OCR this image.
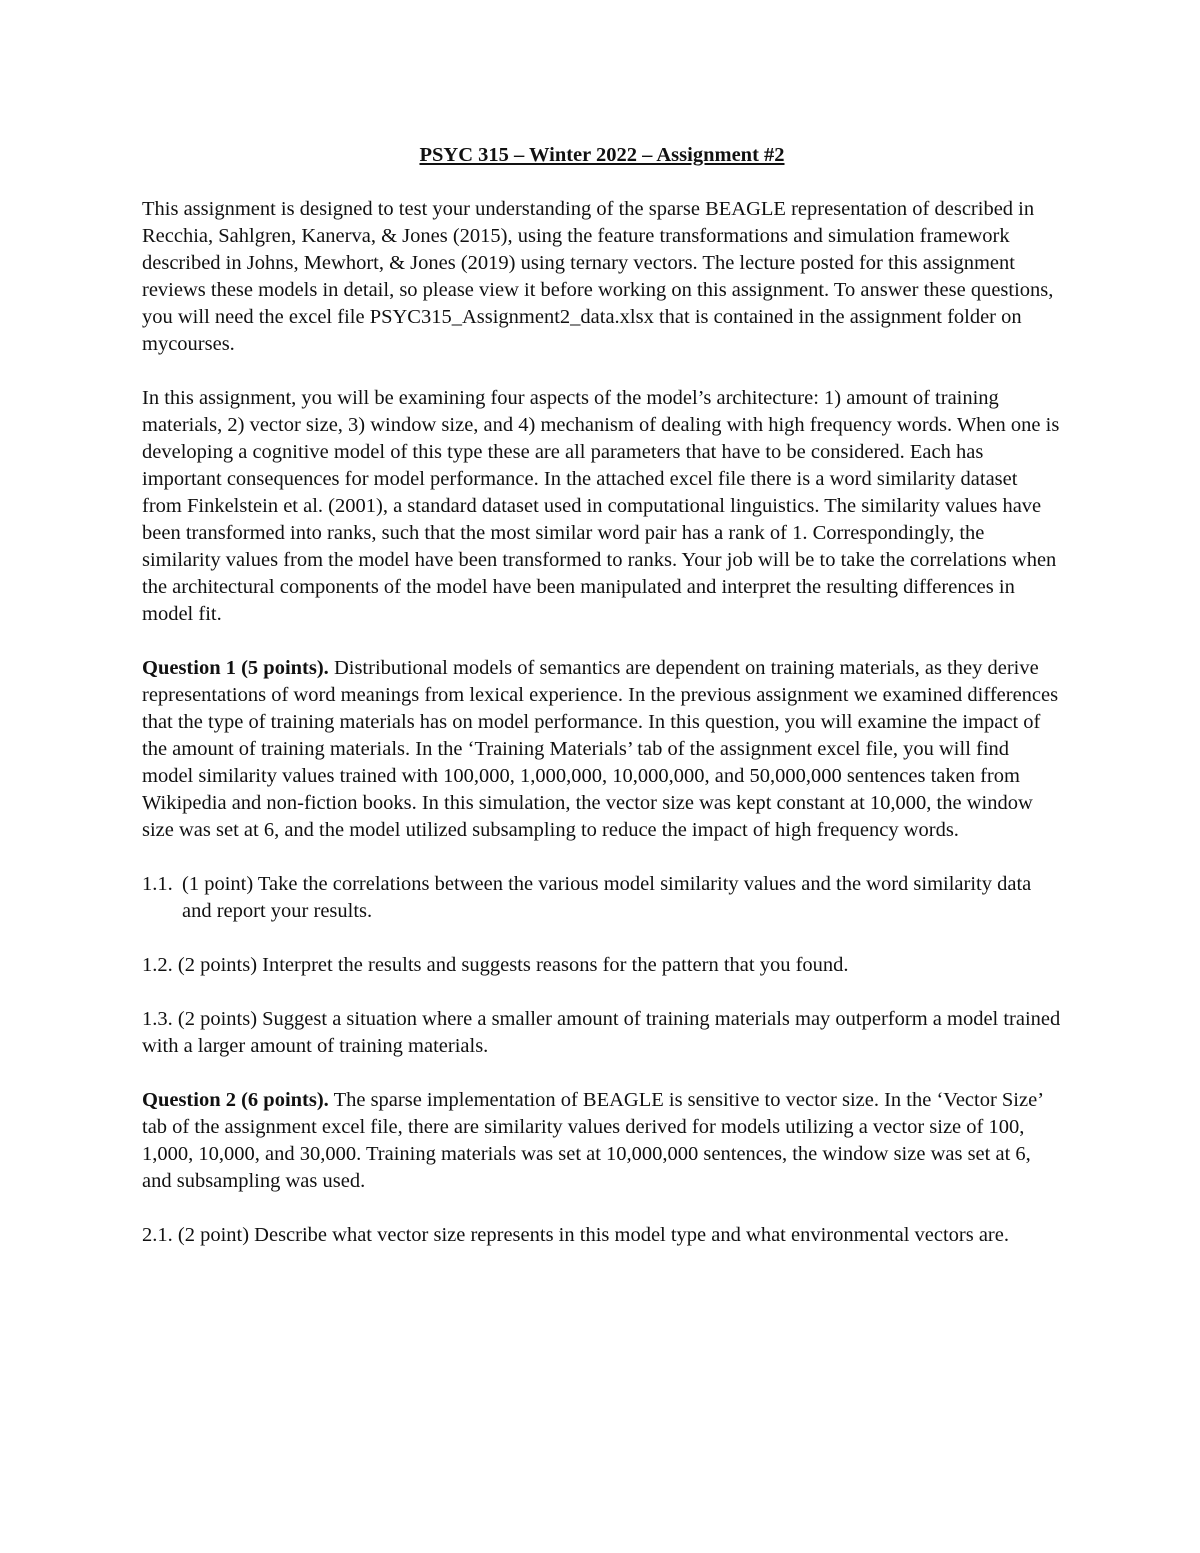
PSYC 315 – Winter 2022 – Assignment #2

This assignment is designed to test your understanding of the sparse BEAGLE representation of described in Recchia, Sahlgren, Kanerva, & Jones (2015), using the feature transformations and simulation framework described in Johns, Mewhort, & Jones (2019) using ternary vectors. The lecture posted for this assignment reviews these models in detail, so please view it before working on this assignment. To answer these questions, you will need the excel file PSYC315_Assignment2_data.xlsx that is contained in the assignment folder on mycourses.

In this assignment, you will be examining four aspects of the model’s architecture: 1) amount of training materials, 2) vector size, 3) window size, and 4) mechanism of dealing with high frequency words. When one is developing a cognitive model of this type these are all parameters that have to be considered. Each has important consequences for model performance. In the attached excel file there is a word similarity dataset from Finkelstein et al. (2001), a standard dataset used in computational linguistics. The similarity values have been transformed into ranks, such that the most similar word pair has a rank of 1. Correspondingly, the similarity values from the model have been transformed to ranks. Your job will be to take the correlations when the architectural components of the model have been manipulated and interpret the resulting differences in model fit.

Question 1 (5 points). Distributional models of semantics are dependent on training materials, as they derive representations of word meanings from lexical experience. In the previous assignment we examined differences that the type of training materials has on model performance. In this question, you will examine the impact of the amount of training materials. In the ‘Training Materials’ tab of the assignment excel file, you will find model similarity values trained with 100,000, 1,000,000, 10,000,000, and 50,000,000 sentences taken from Wikipedia and non-fiction books. In this simulation, the vector size was kept constant at 10,000, the window size was set at 6, and the model utilized subsampling to reduce the impact of high frequency words.

1.1. (1 point) Take the correlations between the various model similarity values and the word similarity data and report your results.

1.2. (2 points) Interpret the results and suggests reasons for the pattern that you found.

1.3. (2 points) Suggest a situation where a smaller amount of training materials may outperform a model trained with a larger amount of training materials.

Question 2 (6 points). The sparse implementation of BEAGLE is sensitive to vector size. In the ‘Vector Size’ tab of the assignment excel file, there are similarity values derived for models utilizing a vector size of 100, 1,000, 10,000, and 30,000. Training materials was set at 10,000,000 sentences, the window size was set at 6, and subsampling was used.

2.1. (2 point) Describe what vector size represents in this model type and what environmental vectors are.
